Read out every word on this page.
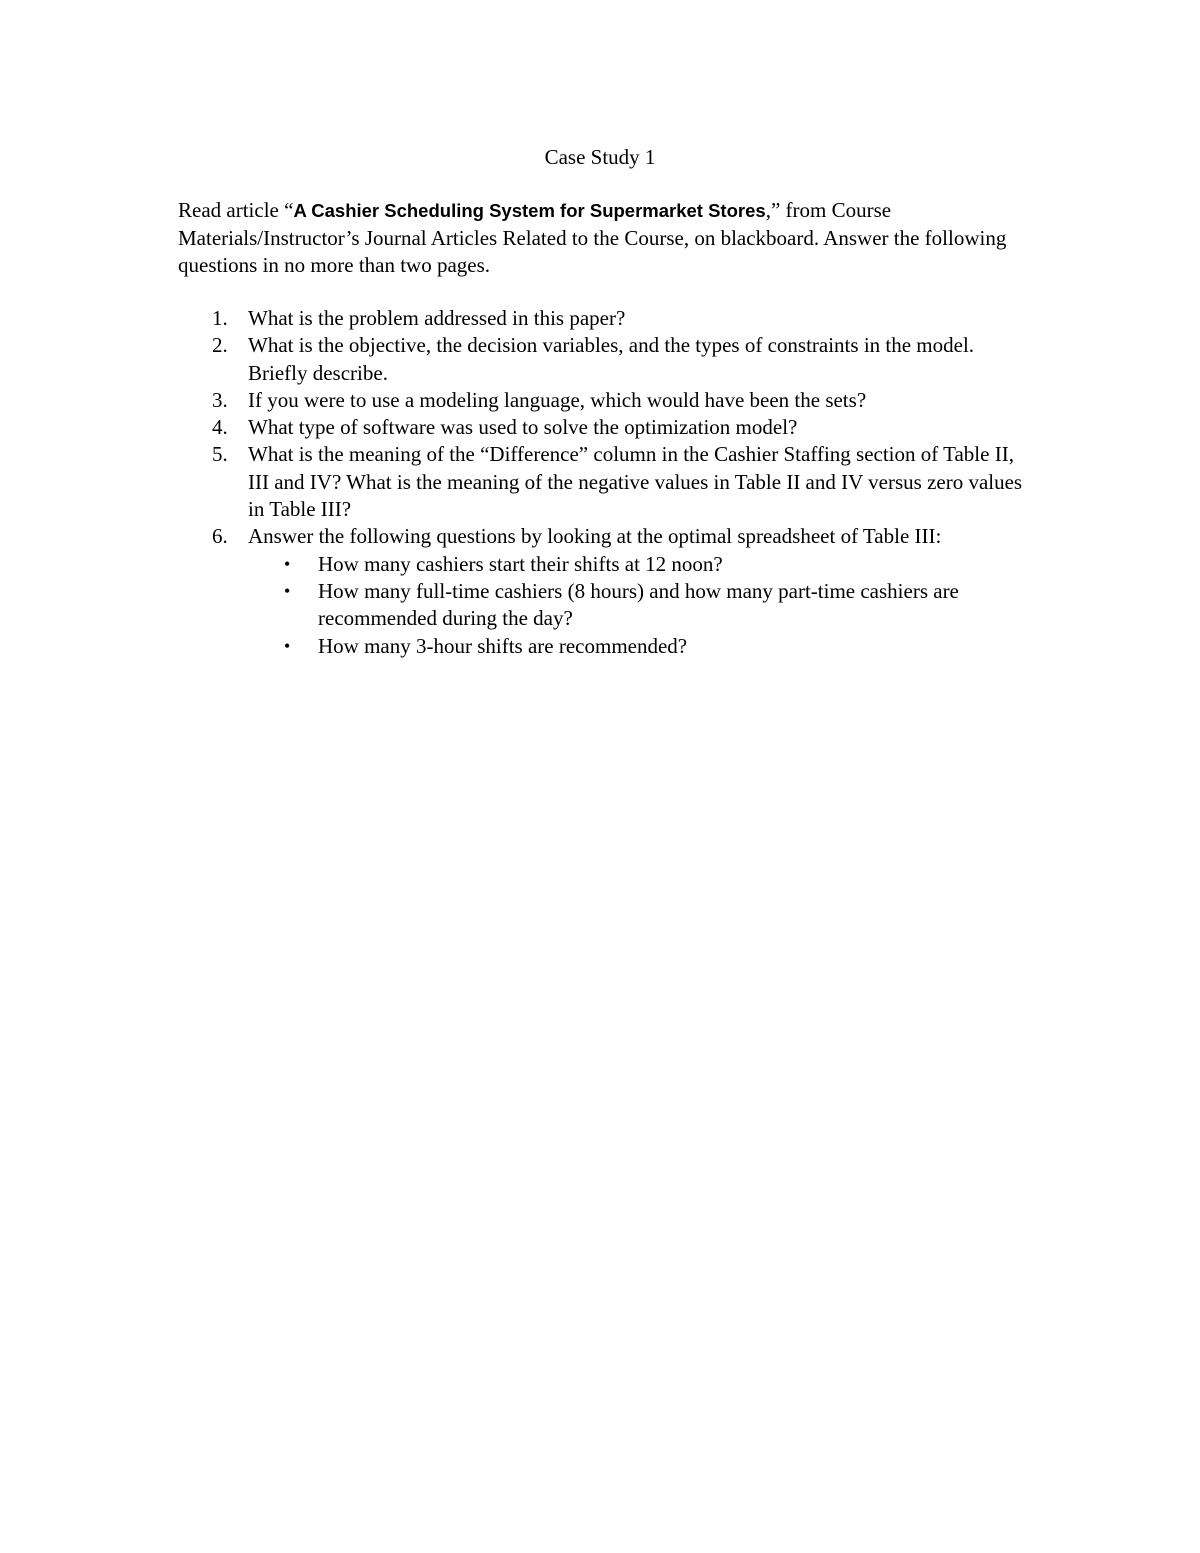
Case Study 1

Read article “A Cashier Scheduling System for Supermarket Stores,” from Course Materials/Instructor’s Journal Articles Related to the Course, on blackboard. Answer the following questions in no more than two pages.

1. What is the problem addressed in this paper?
2. What is the objective, the decision variables, and the types of constraints in the model. Briefly describe.
3. If you were to use a modeling language, which would have been the sets?
4. What type of software was used to solve the optimization model?
5. What is the meaning of the “Difference” column in the Cashier Staffing section of Table II, III and IV? What is the meaning of the negative values in Table II and IV versus zero values in Table III?
6. Answer the following questions by looking at the optimal spreadsheet of Table III:
• How many cashiers start their shifts at 12 noon?
• How many full-time cashiers (8 hours) and how many part-time cashiers are recommended during the day?
• How many 3-hour shifts are recommended?
